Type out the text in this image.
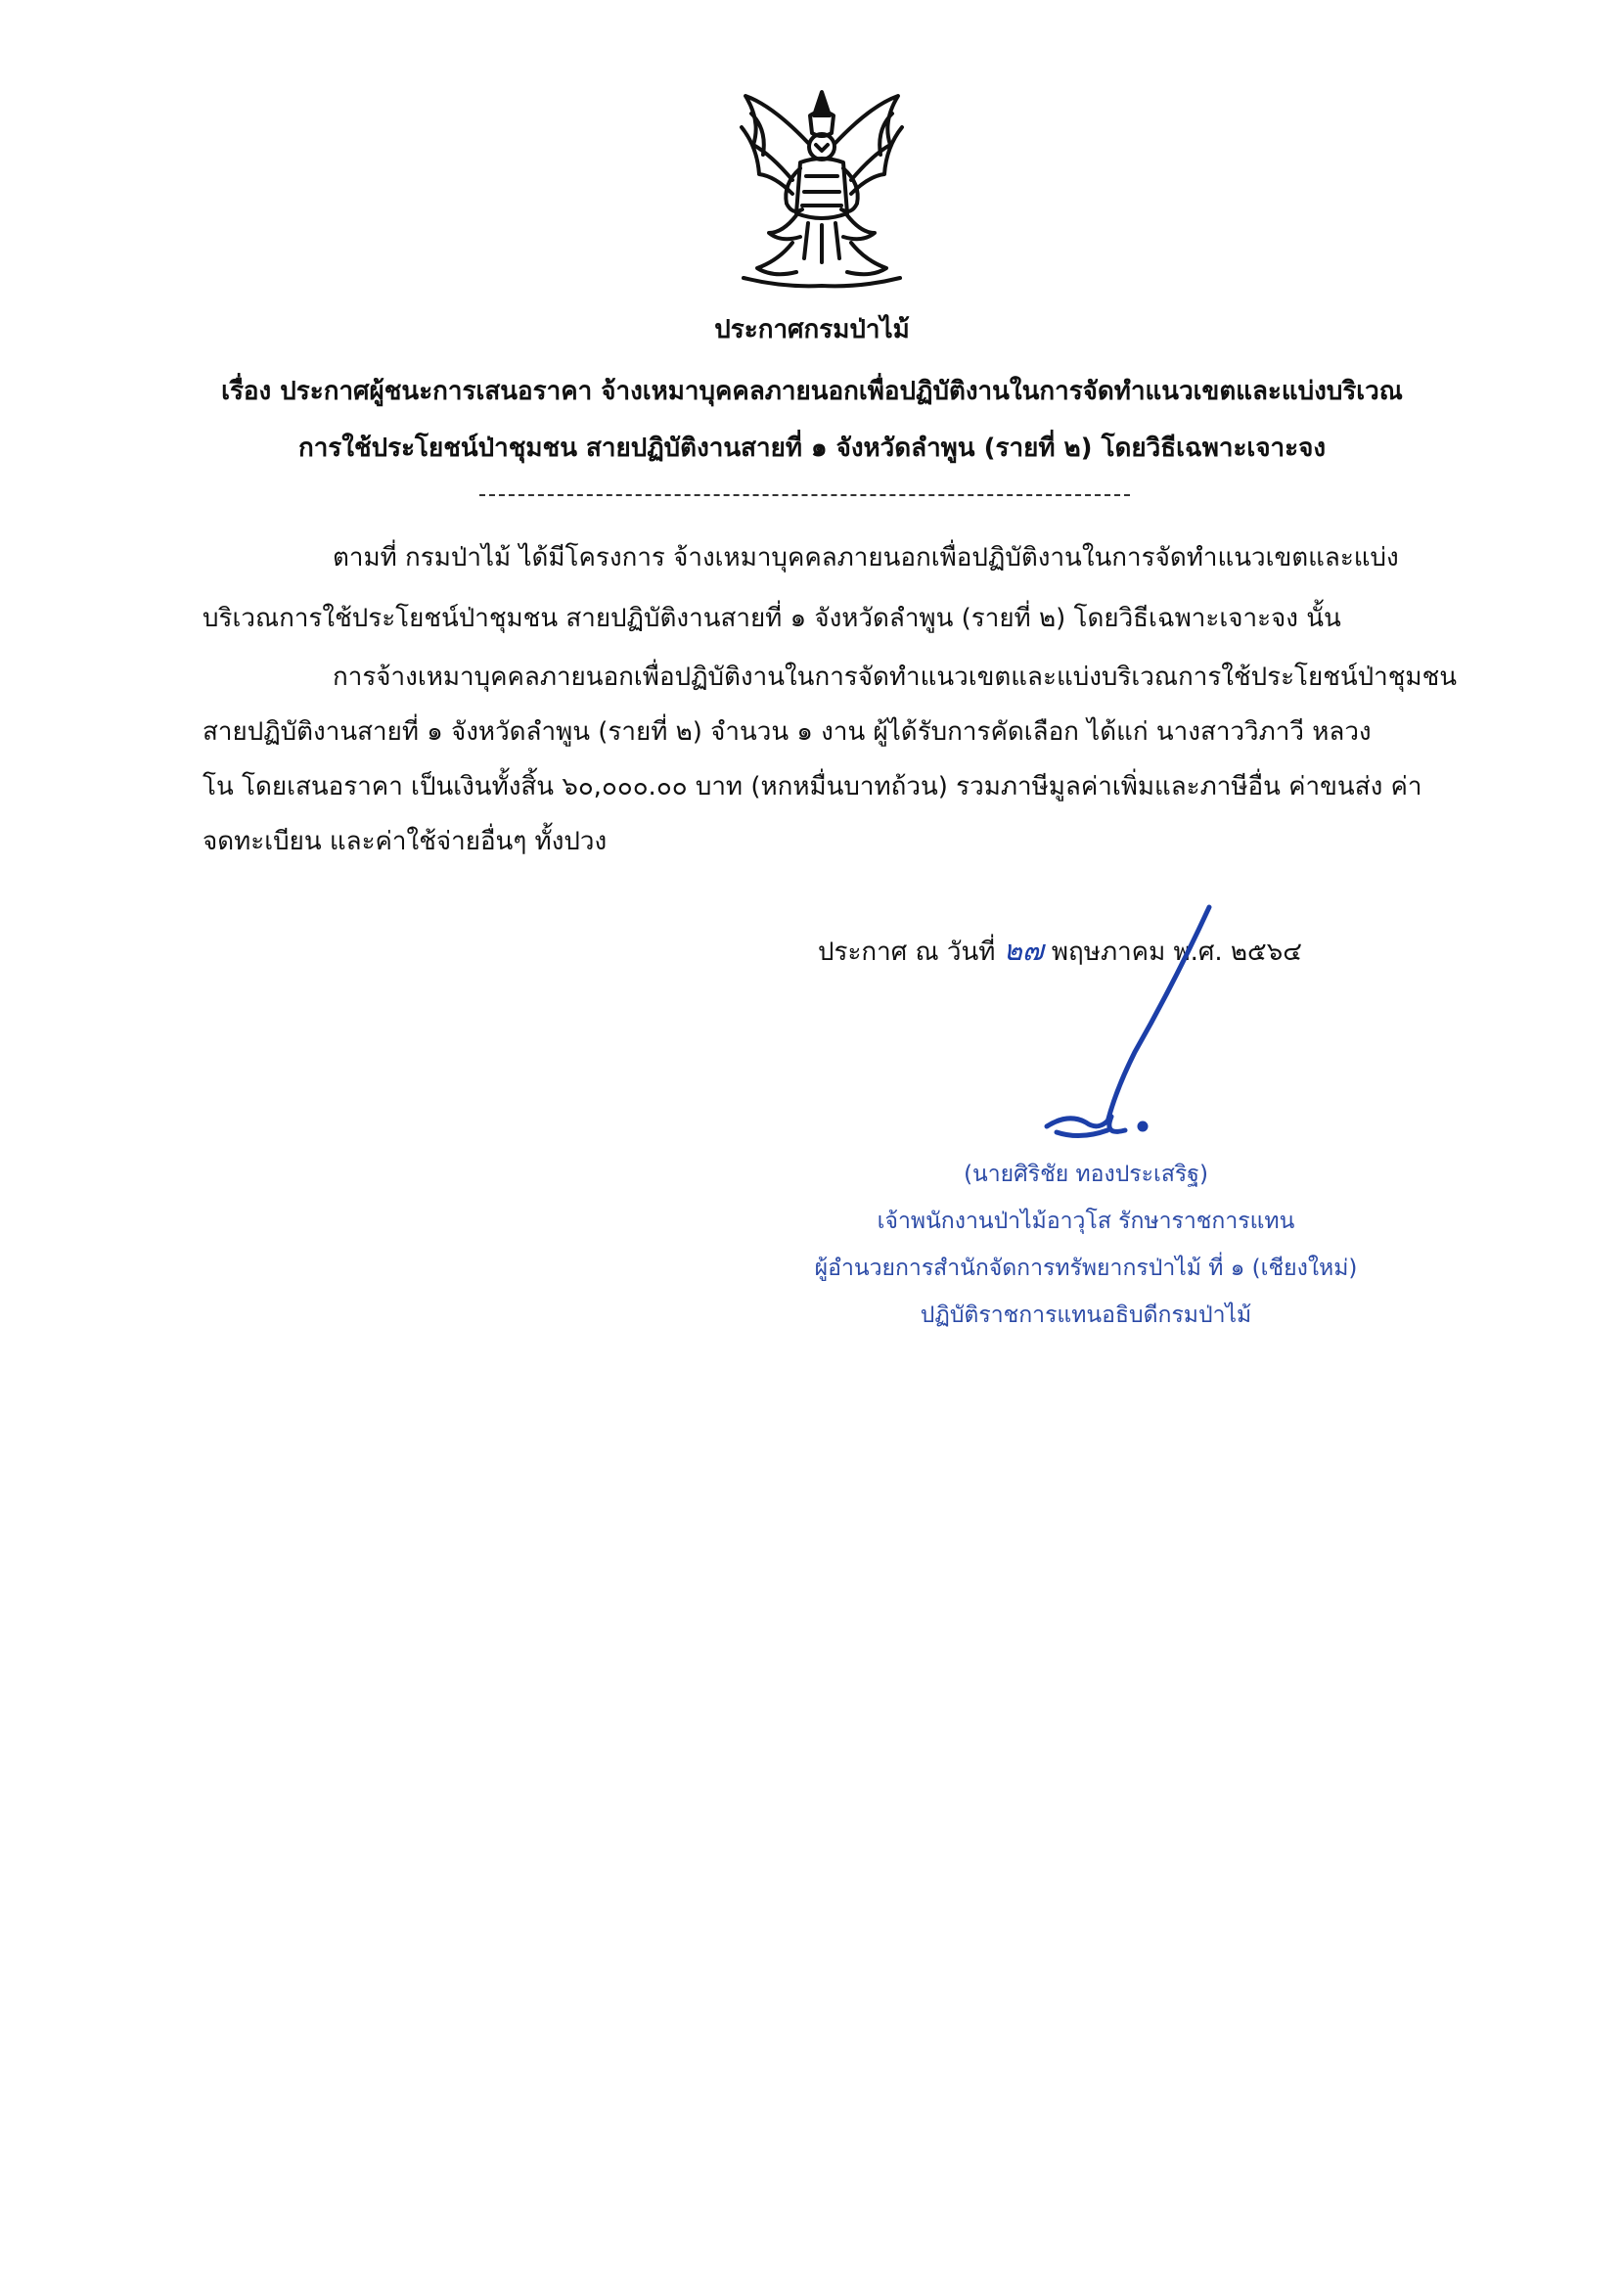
ประกาศกรมป่าไม้
เรื่อง ประกาศผู้ชนะการเสนอราคา จ้างเหมาบุคคลภายนอกเพื่อปฏิบัติงานในการจัดทำแนวเขตและแบ่งบริเวณ
การใช้ประโยชน์ป่าชุมชน สายปฏิบัติงานสายที่ ๑ จังหวัดลำพูน (รายที่ ๒) โดยวิธีเฉพาะเจาะจง
ตามที่ กรมป่าไม้ ได้มีโครงการ จ้างเหมาบุคคลภายนอกเพื่อปฏิบัติงานในการจัดทำแนวเขตและแบ่ง
บริเวณการใช้ประโยชน์ป่าชุมชน สายปฏิบัติงานสายที่ ๑ จังหวัดลำพูน (รายที่ ๒) โดยวิธีเฉพาะเจาะจง นั้น
การจ้างเหมาบุคคลภายนอกเพื่อปฏิบัติงานในการจัดทำแนวเขตและแบ่งบริเวณการใช้ประโยชน์ป่าชุมชน
สายปฏิบัติงานสายที่ ๑ จังหวัดลำพูน (รายที่ ๒) จำนวน ๑ งาน ผู้ได้รับการคัดเลือก ได้แก่ นางสาววิภาวี หลวง
โน โดยเสนอราคา เป็นเงินทั้งสิ้น ๖๐,๐๐๐.๐๐ บาท (หกหมื่นบาทถ้วน) รวมภาษีมูลค่าเพิ่มและภาษีอื่น ค่าขนส่ง ค่า
จดทะเบียน และค่าใช้จ่ายอื่นๆ ทั้งปวง
ประกาศ ณ วันที่ ๒๗ พฤษภาคม พ.ศ. ๒๕๖๔
(นายศิริชัย ทองประเสริฐ)
เจ้าพนักงานป่าไม้อาวุโส รักษาราชการแทน
ผู้อำนวยการสำนักจัดการทรัพยากรป่าไม้ ที่ ๑ (เชียงใหม่)
ปฏิบัติราชการแทนอธิบดีกรมป่าไม้
